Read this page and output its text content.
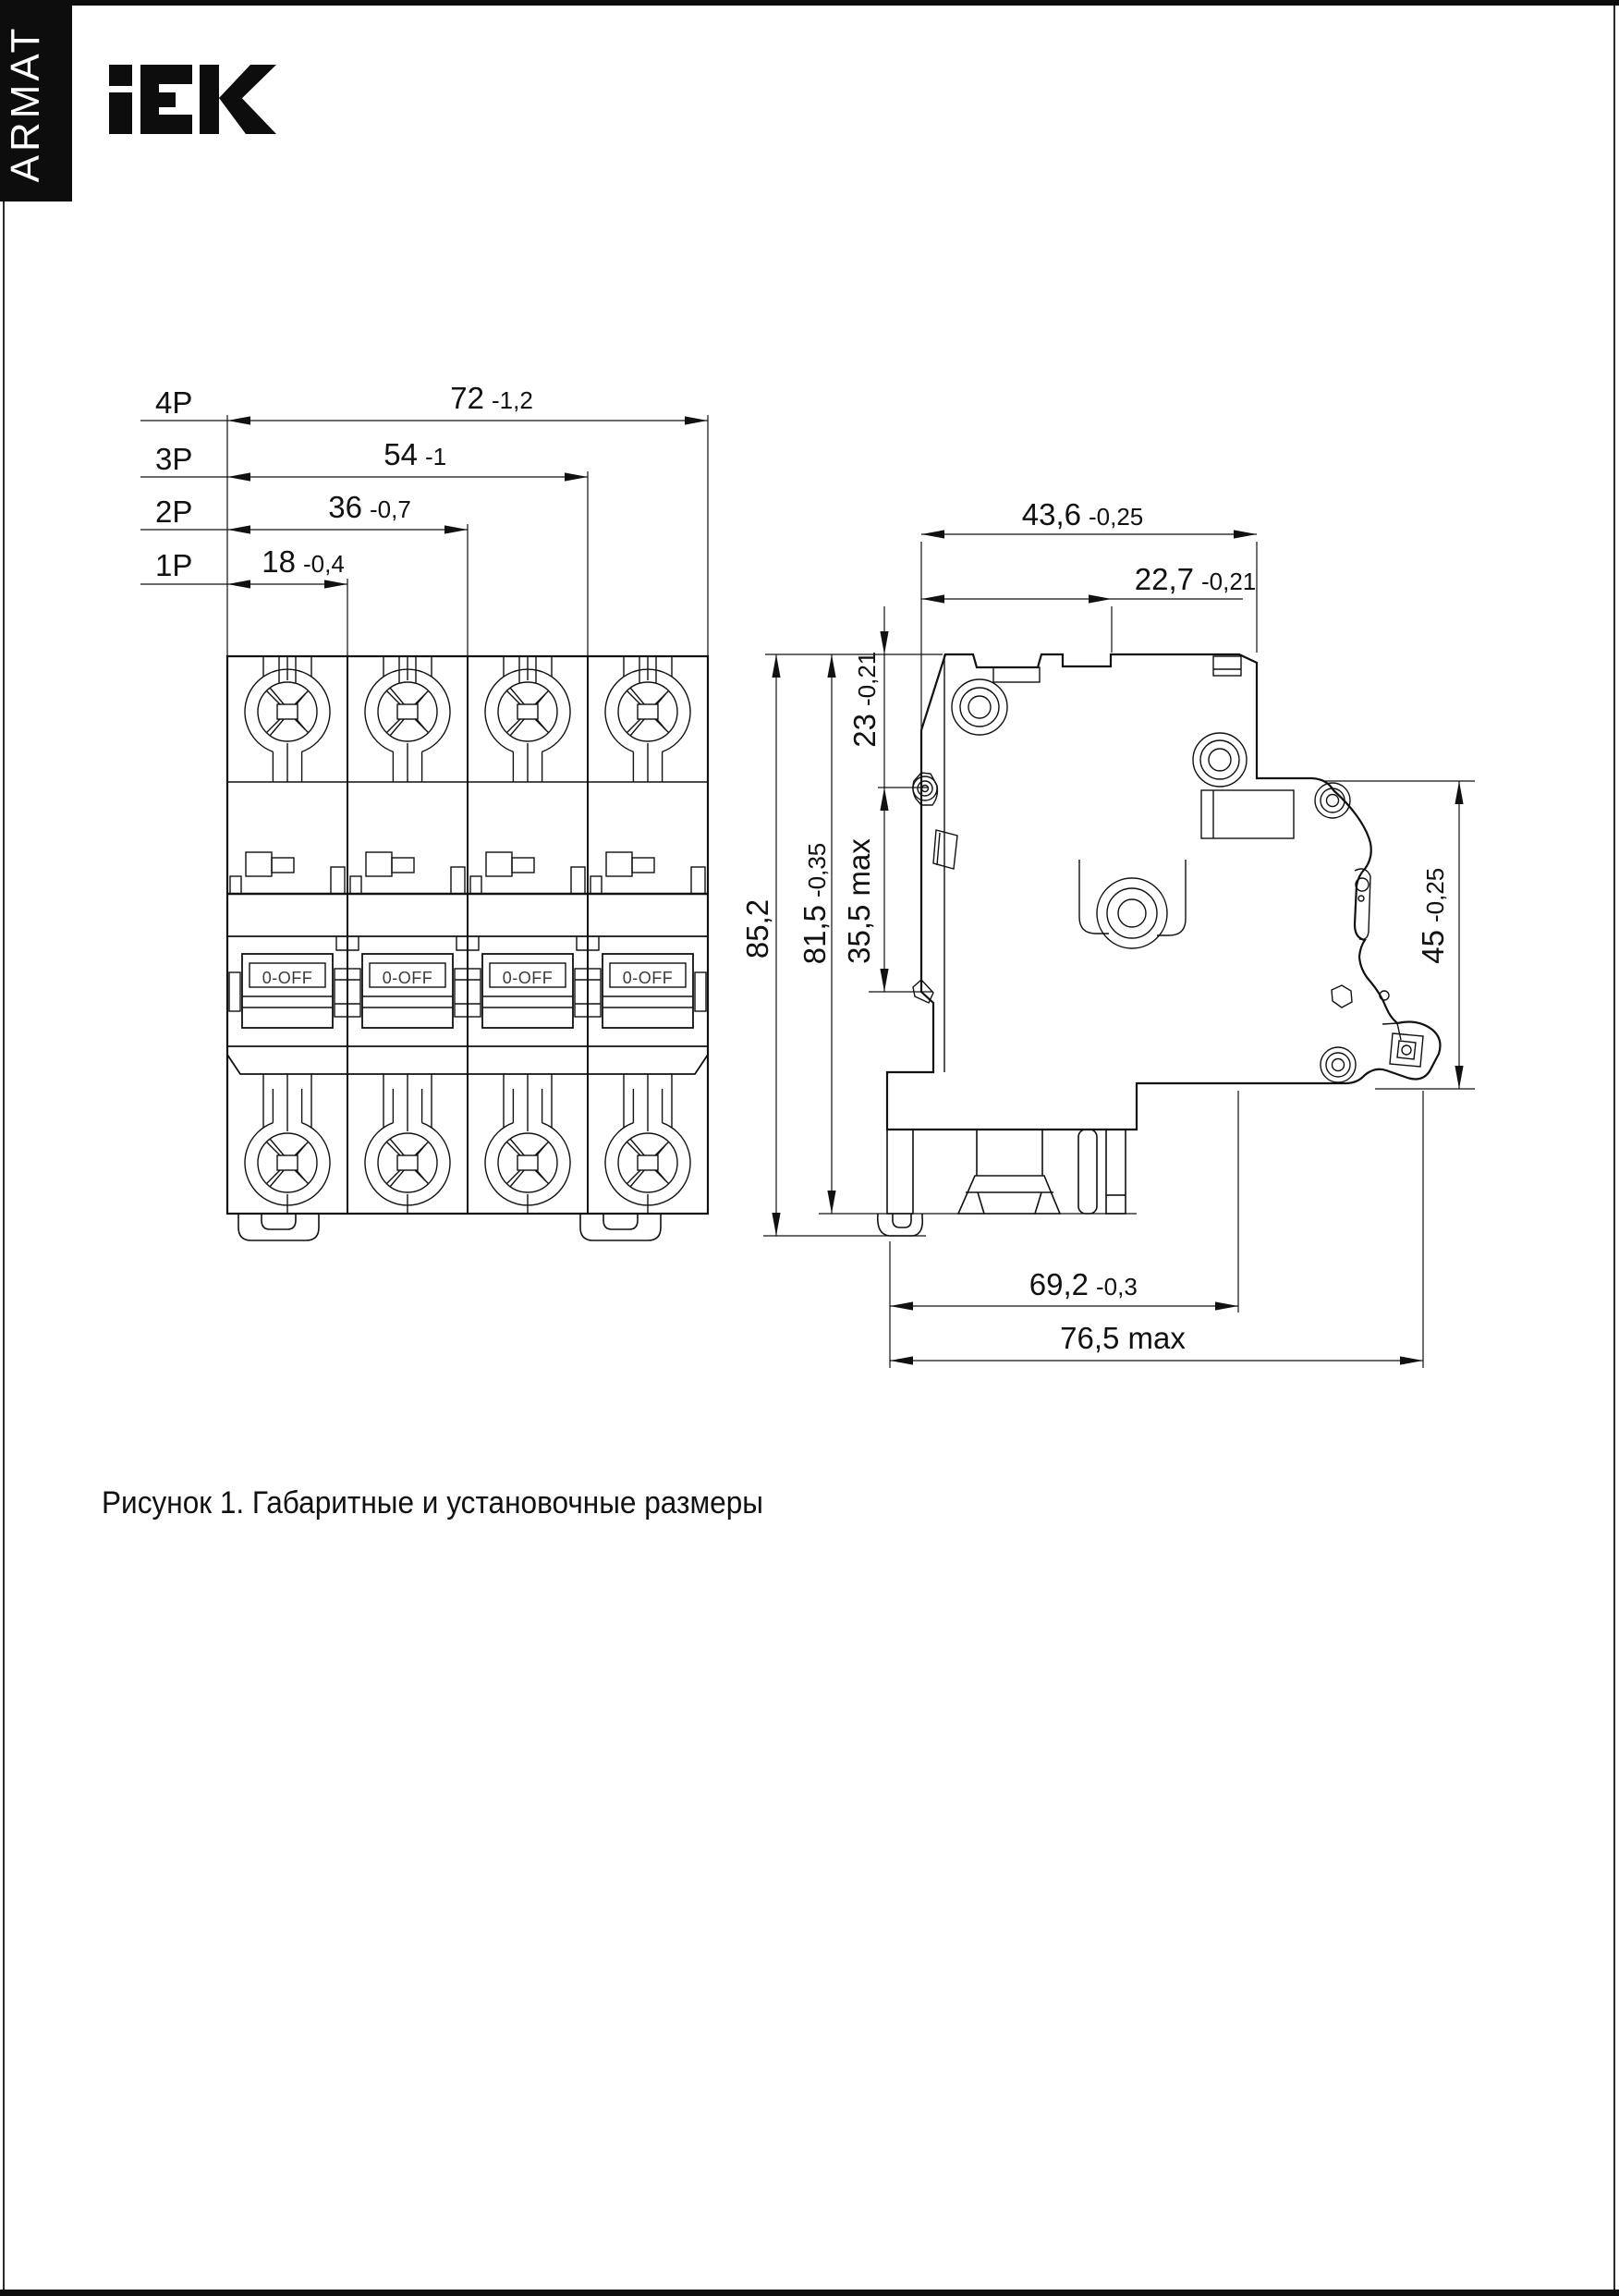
ARMAT
0-OFF	0-OFF	0-OFF	0-OFF
4P
3P
2P
1P
72 -1,2
54 -1
36 -0,7
18 -0,4
43,6 -0,25
22,7 -0,21
85,2 81,5
-0,35
23
-0,21
35,5 max	45
-0,25
69,2 -0,3
76,5 max
Рисунок 1. Габаритные и установочные размеры
